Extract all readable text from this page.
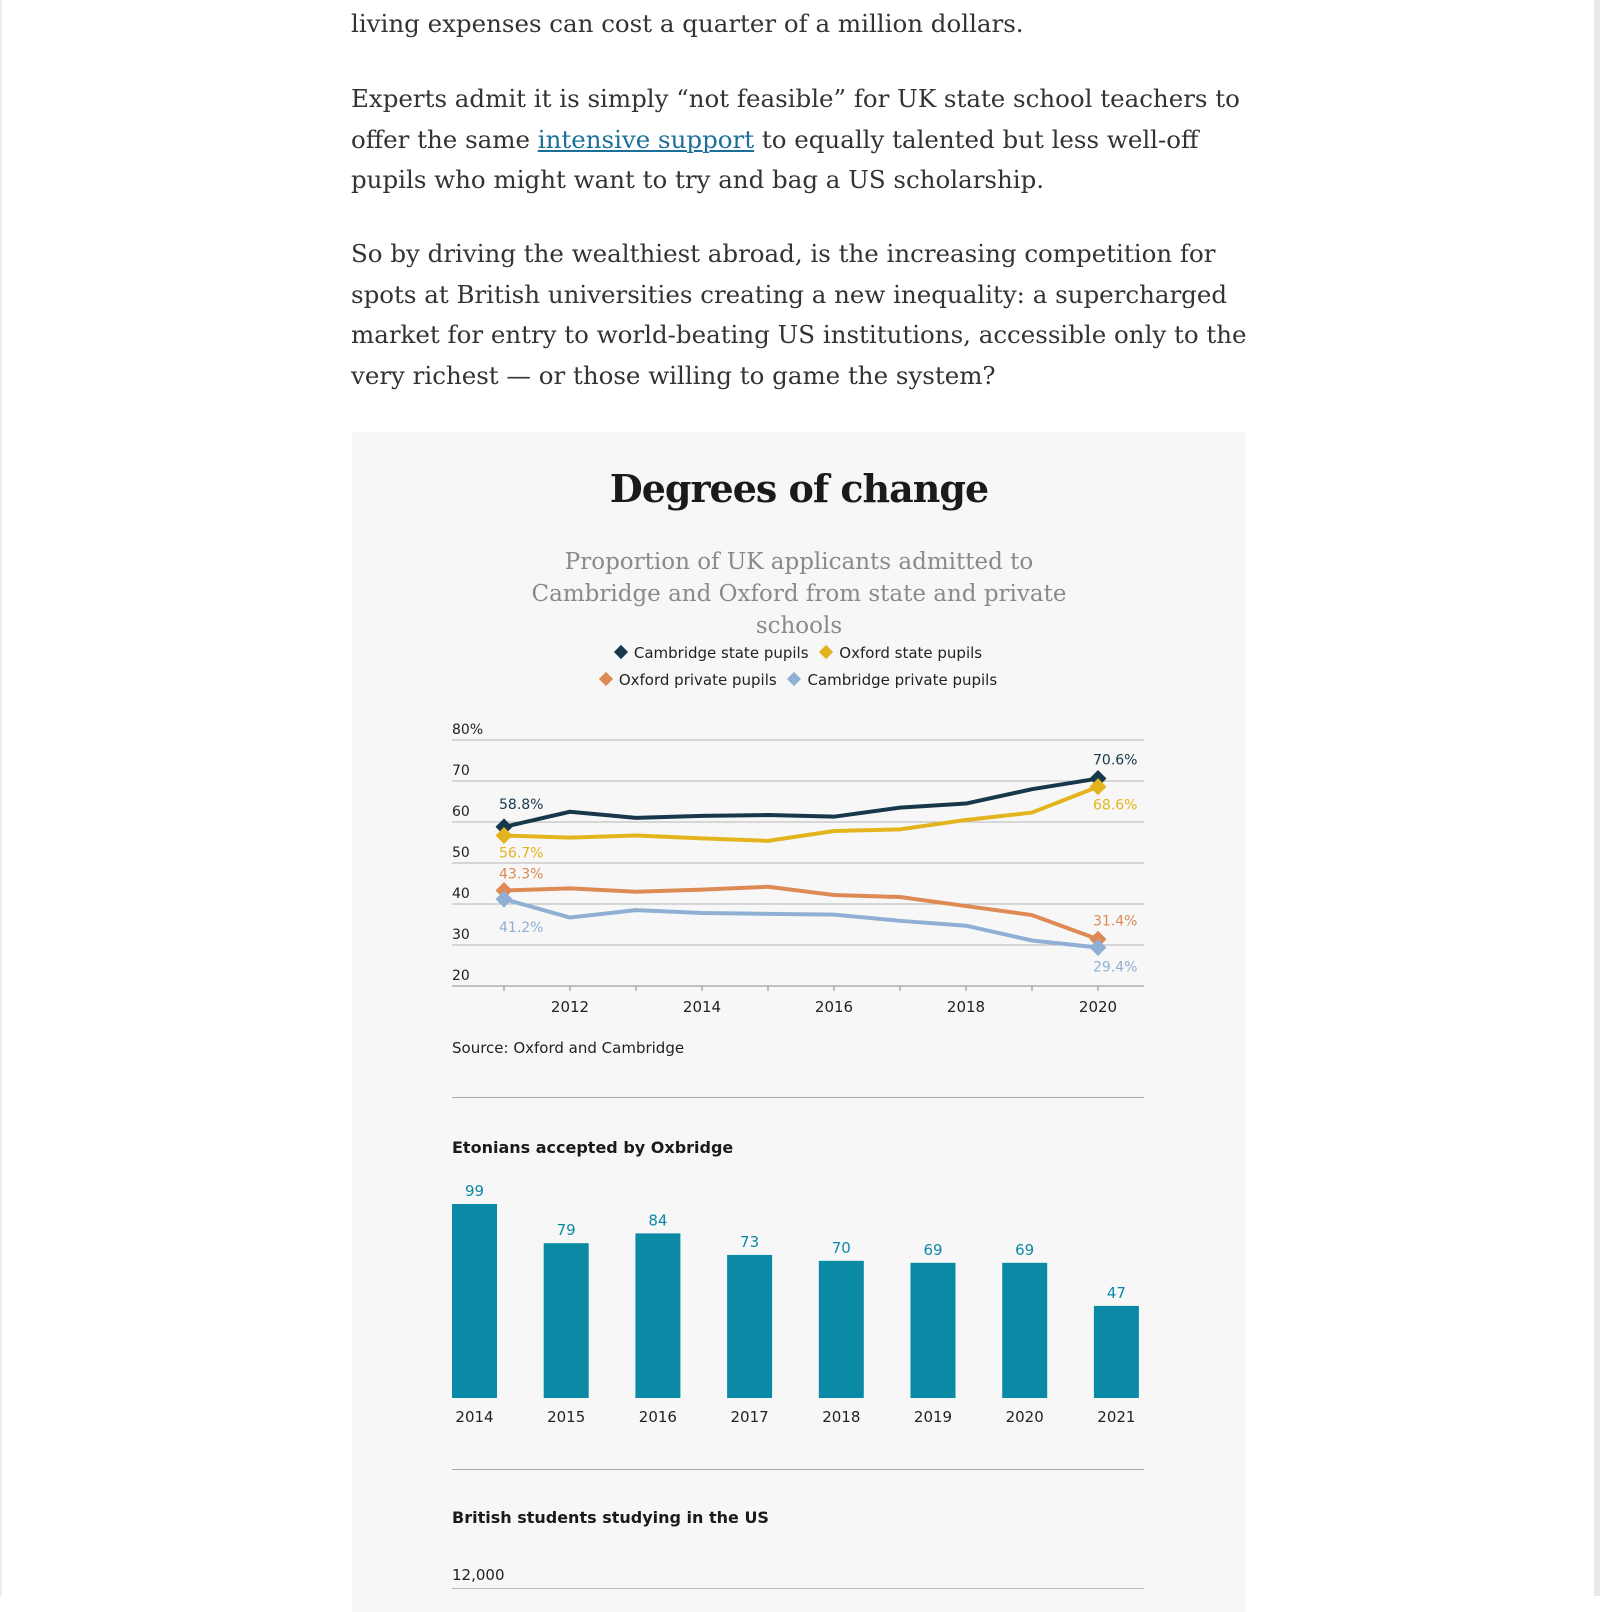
living expenses can cost a quarter of a million dollars.

Experts admit it is simply “not feasible” for UK state school teachers to offer the same intensive support to equally talented but less well-off pupils who might want to try and bag a US scholarship.

So by driving the wealthiest abroad, is the increasing competition for spots at British universities creating a new inequality: a supercharged market for entry to world-beating US institutions, accessible only to the very richest — or those willing to game the system?

Degrees of change
Proportion of UK applicants admitted to Cambridge and Oxford from state and private schools
Cambridge state pupils Oxford state pupils
Oxford private pupils Cambridge private pupils
80%
70
60
50
40
30
20
2012	2014	2016	2018	2020
58.8%
70.6%
56.7%
68.6%
43.3%
31.4%
41.2%
29.4%
Source: Oxford and Cambridge
Etonians accepted by Oxbridge
99
2014
79
2015
84
2016
73
2017
70
2018
69
2019
69
2020
47
2021
British students studying in the US
12,000
